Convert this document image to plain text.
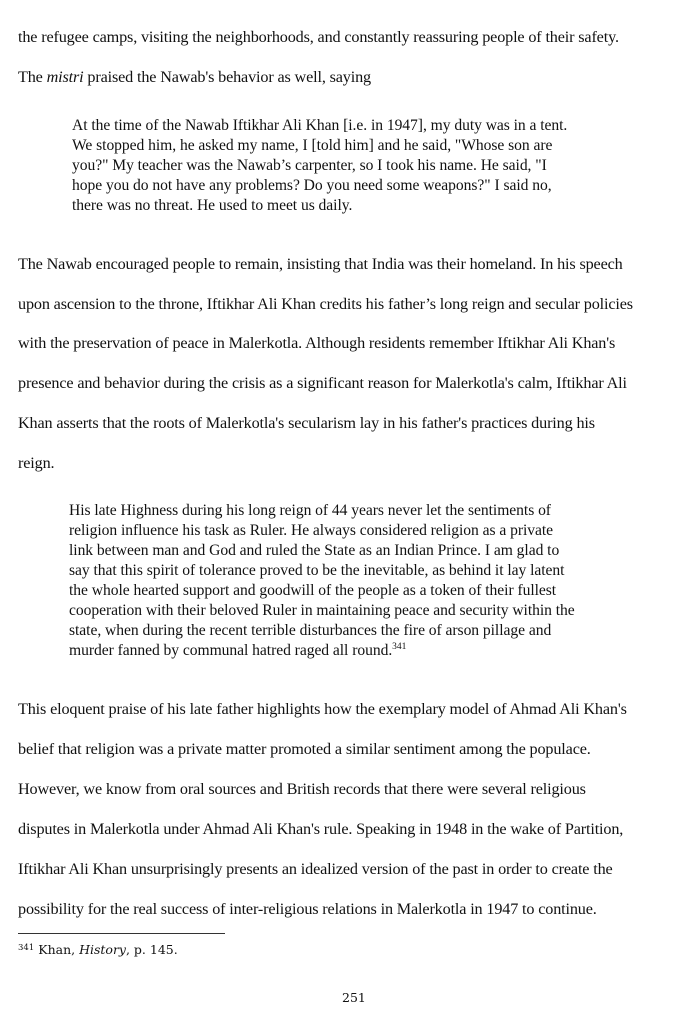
the refugee camps, visiting the neighborhoods, and constantly reassuring people of their safety.
The mistri praised the Nawab's behavior as well, saying
At the time of the Nawab Iftikhar Ali Khan [i.e. in 1947], my duty was in a tent.
We stopped him, he asked my name, I [told him] and he said, "Whose son are
you?" My teacher was the Nawab’s carpenter, so I took his name. He said, "I
hope you do not have any problems? Do you need some weapons?" I said no,
there was no threat. He used to meet us daily.
The Nawab encouraged people to remain, insisting that India was their homeland. In his speech
upon ascension to the throne, Iftikhar Ali Khan credits his father’s long reign and secular policies
with the preservation of peace in Malerkotla. Although residents remember Iftikhar Ali Khan's
presence and behavior during the crisis as a significant reason for Malerkotla's calm, Iftikhar Ali
Khan asserts that the roots of Malerkotla's secularism lay in his father's practices during his
reign.
His late Highness during his long reign of 44 years never let the sentiments of
religion influence his task as Ruler. He always considered religion as a private
link between man and God and ruled the State as an Indian Prince. I am glad to
say that this spirit of tolerance proved to be the inevitable, as behind it lay latent
the whole hearted support and goodwill of the people as a token of their fullest
cooperation with their beloved Ruler in maintaining peace and security within the
state, when during the recent terrible disturbances the fire of arson pillage and
murder fanned by communal hatred raged all round.$^{341}$
This eloquent praise of his late father highlights how the exemplary model of Ahmad Ali Khan's
belief that religion was a private matter promoted a similar sentiment among the populace.
However, we know from oral sources and British records that there were several religious
disputes in Malerkotla under Ahmad Ali Khan's rule. Speaking in 1948 in the wake of Partition,
Iftikhar Ali Khan unsurprisingly presents an idealized version of the past in order to create the
possibility for the real success of inter-religious relations in Malerkotla in 1947 to continue.
$^{341}$ Khan, History, p. 145.
251
